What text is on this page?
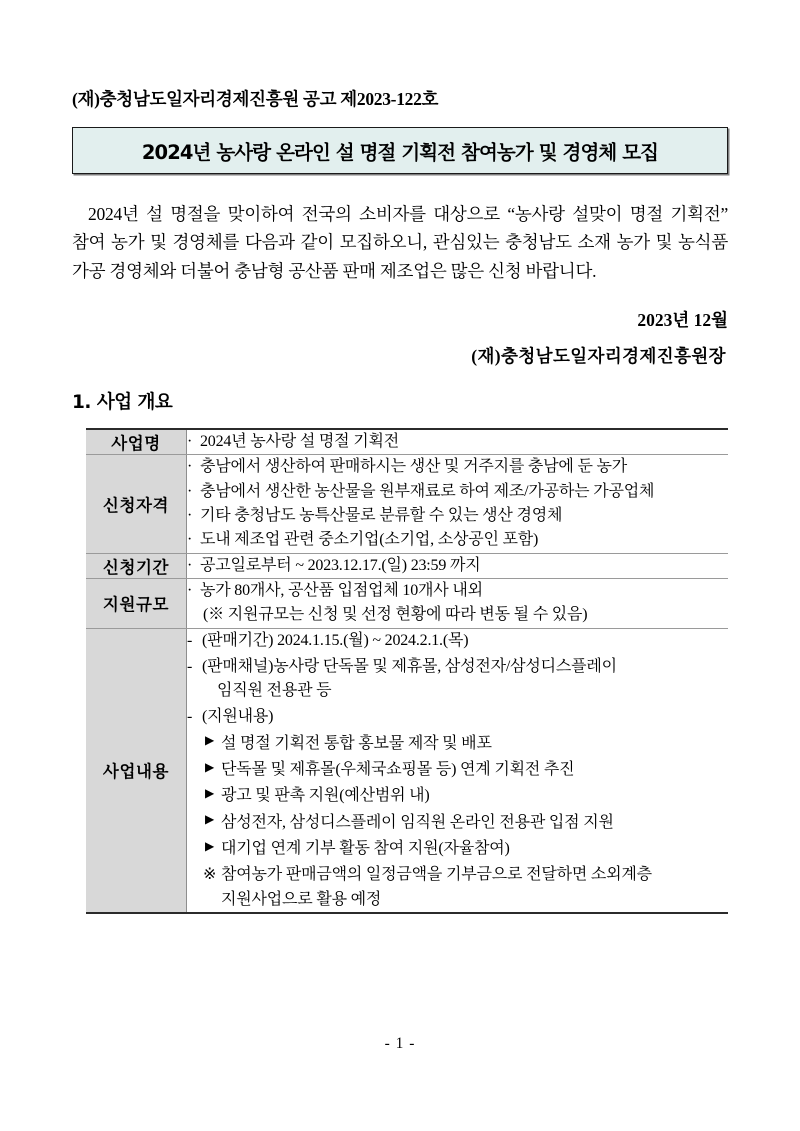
(재)충청남도일자리경제진흥원 공고 제2023-122호
2024년 농사랑 온라인 설 명절 기획전 참여농가 및 경영체 모집

2024년 설 명절을 맞이하여 전국의 소비자를 대상으로 “농사랑 설맞이 명절 기획전” 참여 농가 및 경영체를 다음과 같이 모집하오니, 관심있는 충청남도 소재 농가 및 농식품 가공 경영체와 더불어 충남형 공산품 판매 제조업은 많은 신청 바랍니다.

2023년 12월
(재)충청남도일자리경제진흥원장
1. 사업 개요
사업명	· 2024년 농사랑 설 명절 기획전

신청자격	
· 충남에서 생산하여 판매하시는 생산 및 거주지를 충남에 둔 농가
· 충남에서 생산한 농산물을 원부재료로 하여 제조/가공하는 가공업체
· 기타 충청남도 농특산물로 분류할 수 있는 생산 경영체
· 도내 제조업 관련 중소기업(소기업, 소상공인 포함)

신청기간	· 공고일로부터 ~ 2023.12.17.(일) 23:59 까지

지원규모	· 농가 80개사, 공산품 입점업체 10개사 내외
(※ 지원규모는 신청 및 선정 현황에 따라 변동 될 수 있음)

사업내용	
- (판매기간) 2024.1.15.(월) ~ 2024.2.1.(목)
- (판매채널)농사랑 단독몰 및 제휴몰, 삼성전자/삼성디스플레이
임직원 전용관 등
- (지원내용)
▶ 설 명절 기획전 통합 홍보물 제작 및 배포
▶ 단독몰 및 제휴몰(우체국쇼핑몰 등) 연계 기획전 추진
▶ 광고 및 판촉 지원(예산범위 내)
▶ 삼성전자, 삼성디스플레이 임직원 온라인 전용관 입점 지원
▶ 대기업 연계 기부 활동 참여 지원(자율참여)
※ 참여농가 판매금액의 일정금액을 기부금으로 전달하면 소외계층
지원사업으로 활용 예정
- 1 -
